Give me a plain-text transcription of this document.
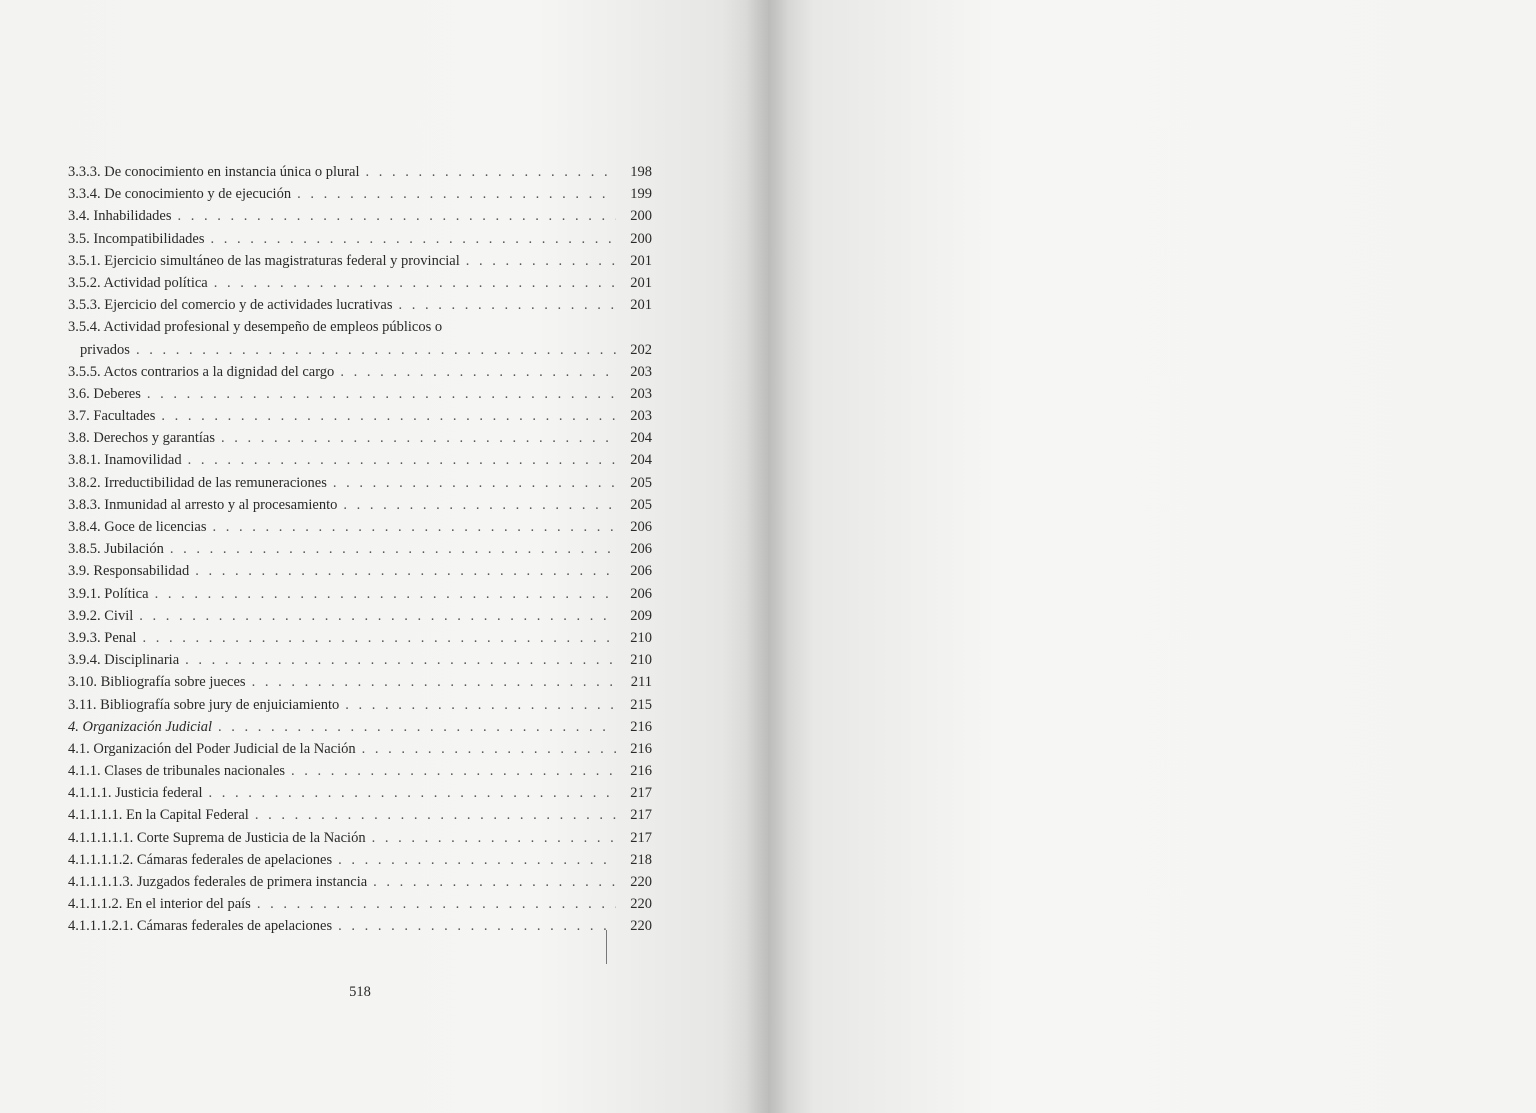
3.3.3. De conocimiento en instancia única o plural . . .	198
3.3.4. De conocimiento y de ejecución . . .	199
3.4. Inhabilidades . . .	200
3.5. Incompatibilidades . . .	200
3.5.1. Ejercicio simultáneo de las magistraturas federal y provincial . . .	201
3.5.2. Actividad política . . .	201
3.5.3. Ejercicio del comercio y de actividades lucrativas . . .	201
3.5.4. Actividad profesional y desempeño de empleos públicos o
privados . . .	202
3.5.5. Actos contrarios a la dignidad del cargo . . .	203
3.6. Deberes . . .	203
3.7. Facultades . . .	203
3.8. Derechos y garantías . . .	204
3.8.1. Inamovilidad . . .	204
3.8.2. Irreductibilidad de las remuneraciones . . .	205
3.8.3. Inmunidad al arresto y al procesamiento . . .	205
3.8.4. Goce de licencias . . .	206
3.8.5. Jubilación . . .	206
3.9. Responsabilidad . . .	206
3.9.1. Política . . .	206
3.9.2. Civil . . .	209
3.9.3. Penal . . .	210
3.9.4. Disciplinaria . . .	210
3.10. Bibliografía sobre jueces . . .	211
3.11. Bibliografía sobre jury de enjuiciamiento . . .	215
4. Organización Judicial . . .	216
4.1. Organización del Poder Judicial de la Nación . . .	216
4.1.1. Clases de tribunales nacionales . . .	216
4.1.1.1. Justicia federal . . .	217
4.1.1.1.1. En la Capital Federal . . .	217
4.1.1.1.1.1. Corte Suprema de Justicia de la Nación . . .	217
4.1.1.1.1.2. Cámaras federales de apelaciones . . .	218
4.1.1.1.1.3. Juzgados federales de primera instancia . . .	220
4.1.1.1.2. En el interior del país . . .	220
4.1.1.1.2.1. Cámaras federales de apelaciones . . .	220
518
